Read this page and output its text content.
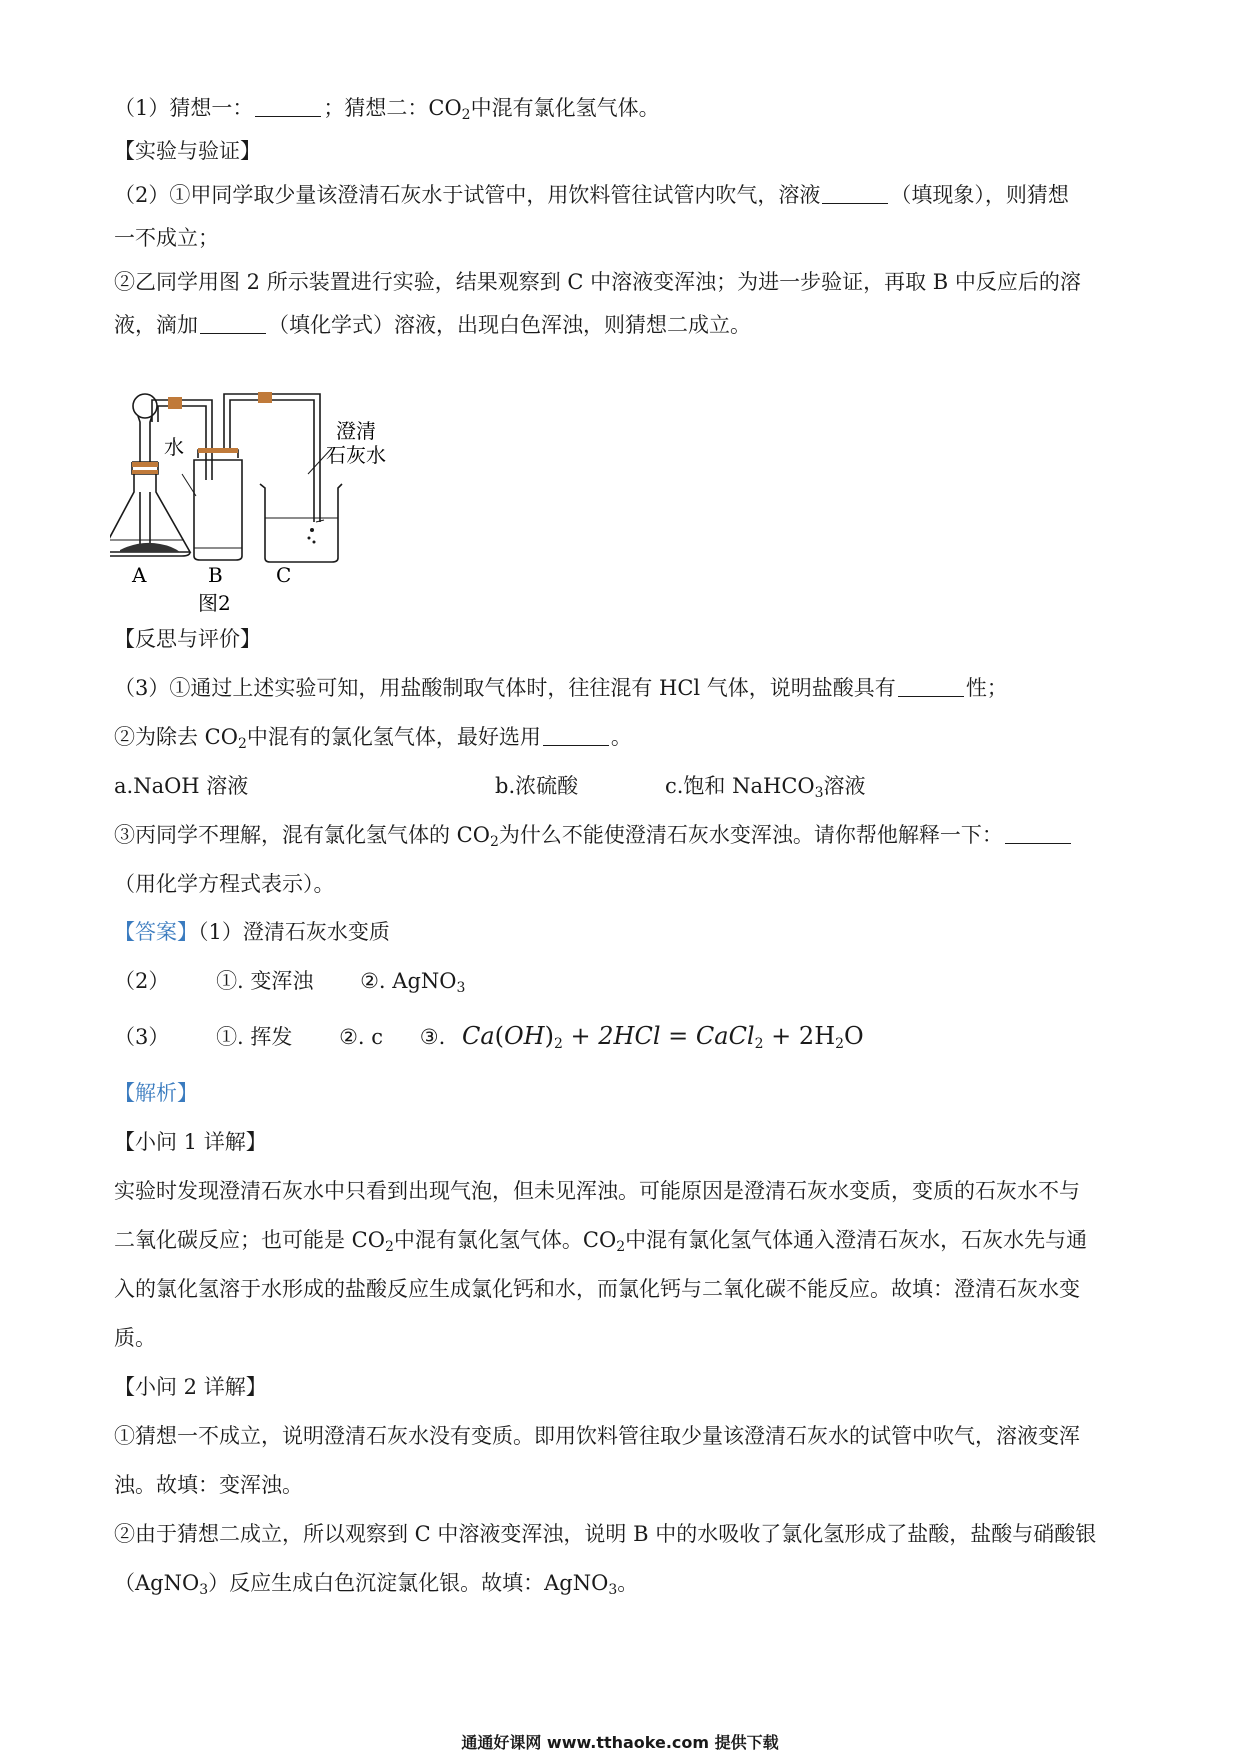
（1）猜想一：	；猜想二：$CO_2$中混有氯化氢气体。
【实验与验证】
（2）①甲同学取少量该澄清石灰水于试管中，用饮料管往试管内吹气，溶液	（填现象），则猜想
一不成立；
②乙同学用图 2 所示装置进行实验，结果观察到 C 中溶液变浑浊；为进一步验证，再取 B 中反应后的溶
液，滴加	（填化学式）溶液，出现白色浑浊，则猜想二成立。
水
澄清
石灰水
A	B	C
图2
【反思与评价】
（3）①通过上述实验可知，用盐酸制取气体时，往往混有 HCl 气体，说明盐酸具有	性；
②为除去 $CO_2$中混有的氯化氢气体，最好选用	。
a.NaOH 溶液	b.浓硫酸	c.饱和 NaHCO$_3$溶液
③丙同学不理解，混有氯化氢气体的 $CO_2$为什么不能使澄清石灰水变浑浊。请你帮他解释一下：
（用化学方程式表示）。
【答案】（1）澄清石灰水变质
（2） ①. 变浑浊 ②. AgNO$_3$
（3） ①. 挥发 ②. c ③. $Ca(OH)_2 + 2HCl$ = CaCl$_2$ + $2H_2O$
【解析】
【小问 1 详解】
实验时发现澄清石灰水中只看到出现气泡，但未见浑浊。可能原因是澄清石灰水变质，变质的石灰水不与
二氧化碳反应；也可能是 $CO_2$中混有氯化氢气体。$CO_2$中混有氯化氢气体通入澄清石灰水，石灰水先与通
入的氯化氢溶于水形成的盐酸反应生成氯化钙和水，而氯化钙与二氧化碳不能反应。故填：澄清石灰水变
质。
【小问 2 详解】
①猜想一不成立，说明澄清石灰水没有变质。即用饮料管往取少量该澄清石灰水的试管中吹气，溶液变浑
浊。故填：变浑浊。
②由于猜想二成立，所以观察到 C 中溶液变浑浊，说明 B 中的水吸收了氯化氢形成了盐酸，盐酸与硝酸银
（AgNO$_3$）反应生成白色沉淀氯化银。故填：AgNO$_3$。
通通好课网 www.tthaoke.com 提供下载
